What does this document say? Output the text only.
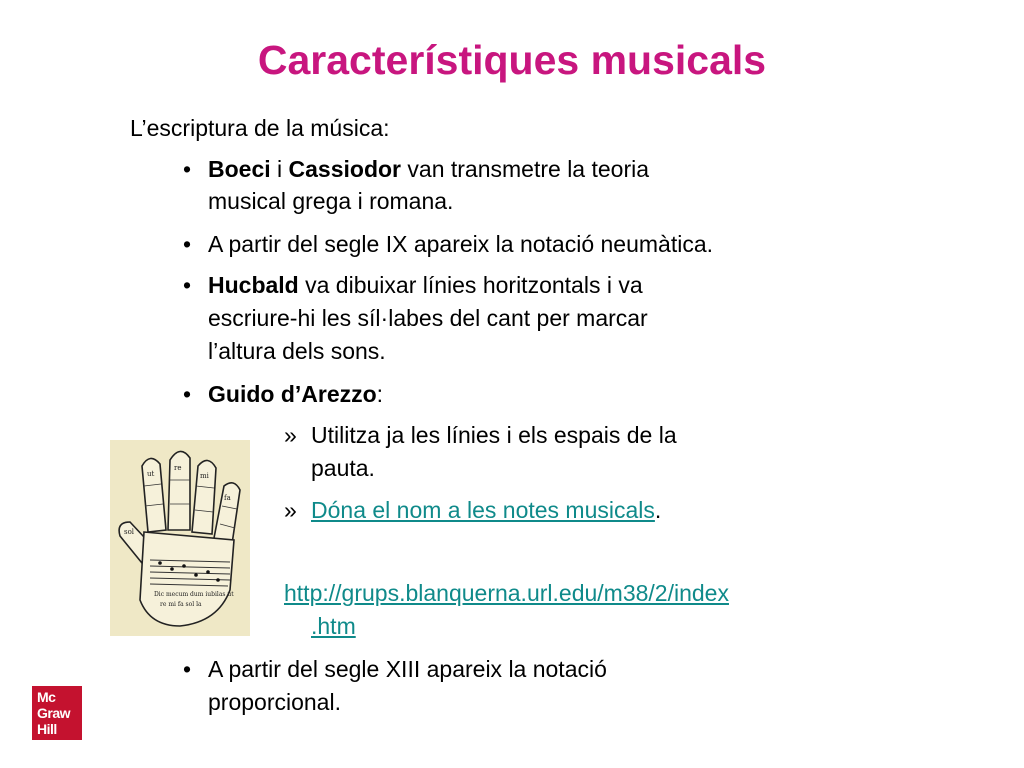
Característiques musicals
L’escriptura de la música:
• Boeci i Cassiodor van transmetre la teoria
musical grega i romana.
• A partir del segle IX apareix la notació neumàtica.
• Hucbald va dibuixar línies horitzontals i va
escriure-hi les síl·labes del cant per marcar
l’altura dels sons.
• Guido d’Arezzo:
» Utilitza ja les línies i els espais de la
pauta.
» Dóna el nom a les notes musicals.
http://grups.blanquerna.url.edu/m38/2/index
.htm
• A partir del segle XIII apareix la notació
proporcional.
ut
re
mi
fa
sol
Dic mecum dum iubilas ut
re mi fa sol la
Mc
Graw
Hill
